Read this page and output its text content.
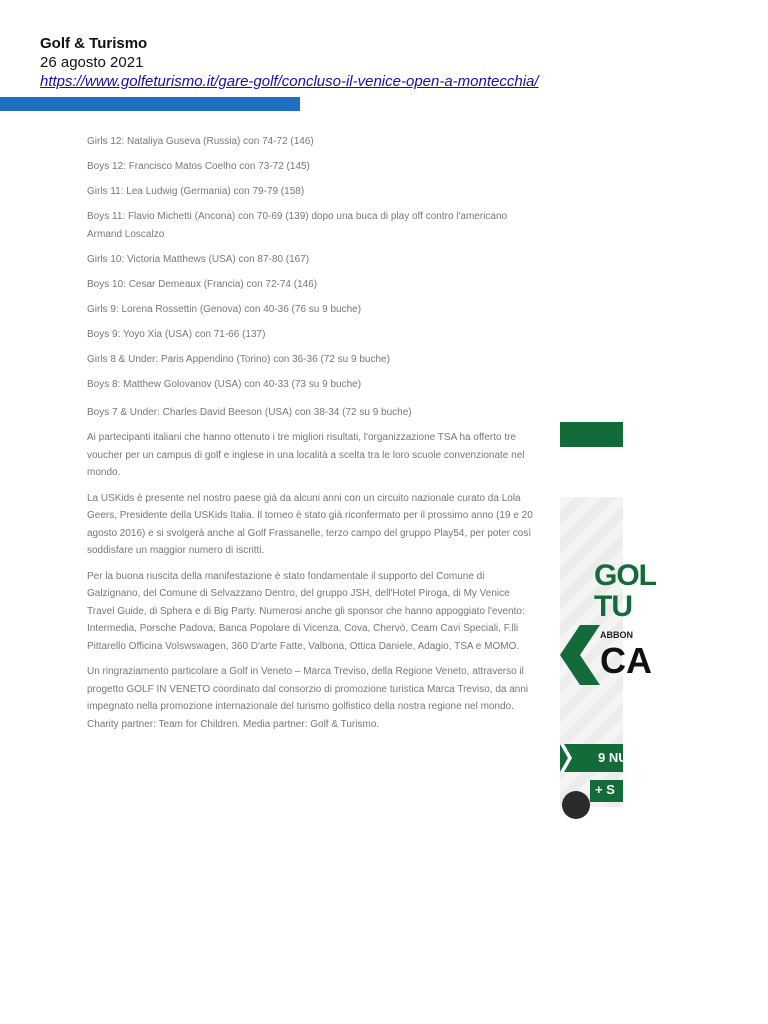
Golf & Turismo
26 agosto 2021
https://www.golfeturismo.it/gare-golf/concluso-il-venice-open-a-montecchia/

Girls 12: Nataliya Guseva (Russia) con 74-72 (146)

Boys 12: Francisco Matos Coelho con 73-72 (145)

Girls 11: Lea Ludwig (Germania) con 79-79 (158)

Boys 11: Flavio Michetti (Ancona) con 70-69 (139) dopo una buca di play off contro l'americano Armand Loscalzo

Girls 10: Victoria Matthews (USA) con 87-80 (167)

Boys 10: Cesar Demeaux (Francia) con 72-74 (146)

Girls 9: Lorena Rossettin (Genova) con 40-36 (76 su 9 buche)

Boys 9: Yoyo Xia (USA) con 71-66 (137)

Girls 8 & Under: Paris Appendino (Torino) con 36-36 (72 su 9 buche)

Boys 8: Matthew Golovanov (USA) con 40-33 (73 su 9 buche)

Boys 7 & Under: Charles David Beeson (USA) con 38-34 (72 su 9 buche)

Ai partecipanti italiani che hanno ottenuto i tre migliori risultati, l'organizzazione TSA ha offerto tre voucher per un campus di golf e inglese in una località a scelta tra le loro scuole convenzionate nel mondo.

La USKids è presente nel nostro paese già da alcuni anni con un circuito nazionale curato da Lola Geers, Presidente della USKids Italia. Il torneo è stato già riconfermato per il prossimo anno (19 e 20 agosto 2016) e si svolgerà anche al Golf Frassanelle, terzo campo del gruppo Play54, per poter così soddisfare un maggior numero di iscritti.

Per la buona riuscita della manifestazione è stato fondamentale il supporto del Comune di Galzignano, del Comune di Selvazzano Dentro, del gruppo JSH, dell'Hotel Piroga, di My Venice Travel Guide, di Sphera e di Big Party. Numerosi anche gli sponsor che hanno appoggiato l'evento: Intermedia, Porsche Padova, Banca Popolare di Vicenza, Cova, Chervò, Ceam Cavi Speciali, F.lli Pittarello Officina Volswswagen, 360 D'arte Fatte, Valbona, Ottica Daniele, Adagio, TSA e MOMO.

Un ringraziamento particolare a Golf in Veneto – Marca Treviso, della Regione Veneto, attraverso il progetto GOLF IN VENETO coordinato dal consorzio di promozione turistica Marca Treviso, da anni impegnato nella promozione internazionale del turismo golfistico della nostra regione nel mondo. Charity partner: Team for Children. Media partner: Golf & Turismo.

GOL
TU
ABBON
CA
9 NU
+ S
